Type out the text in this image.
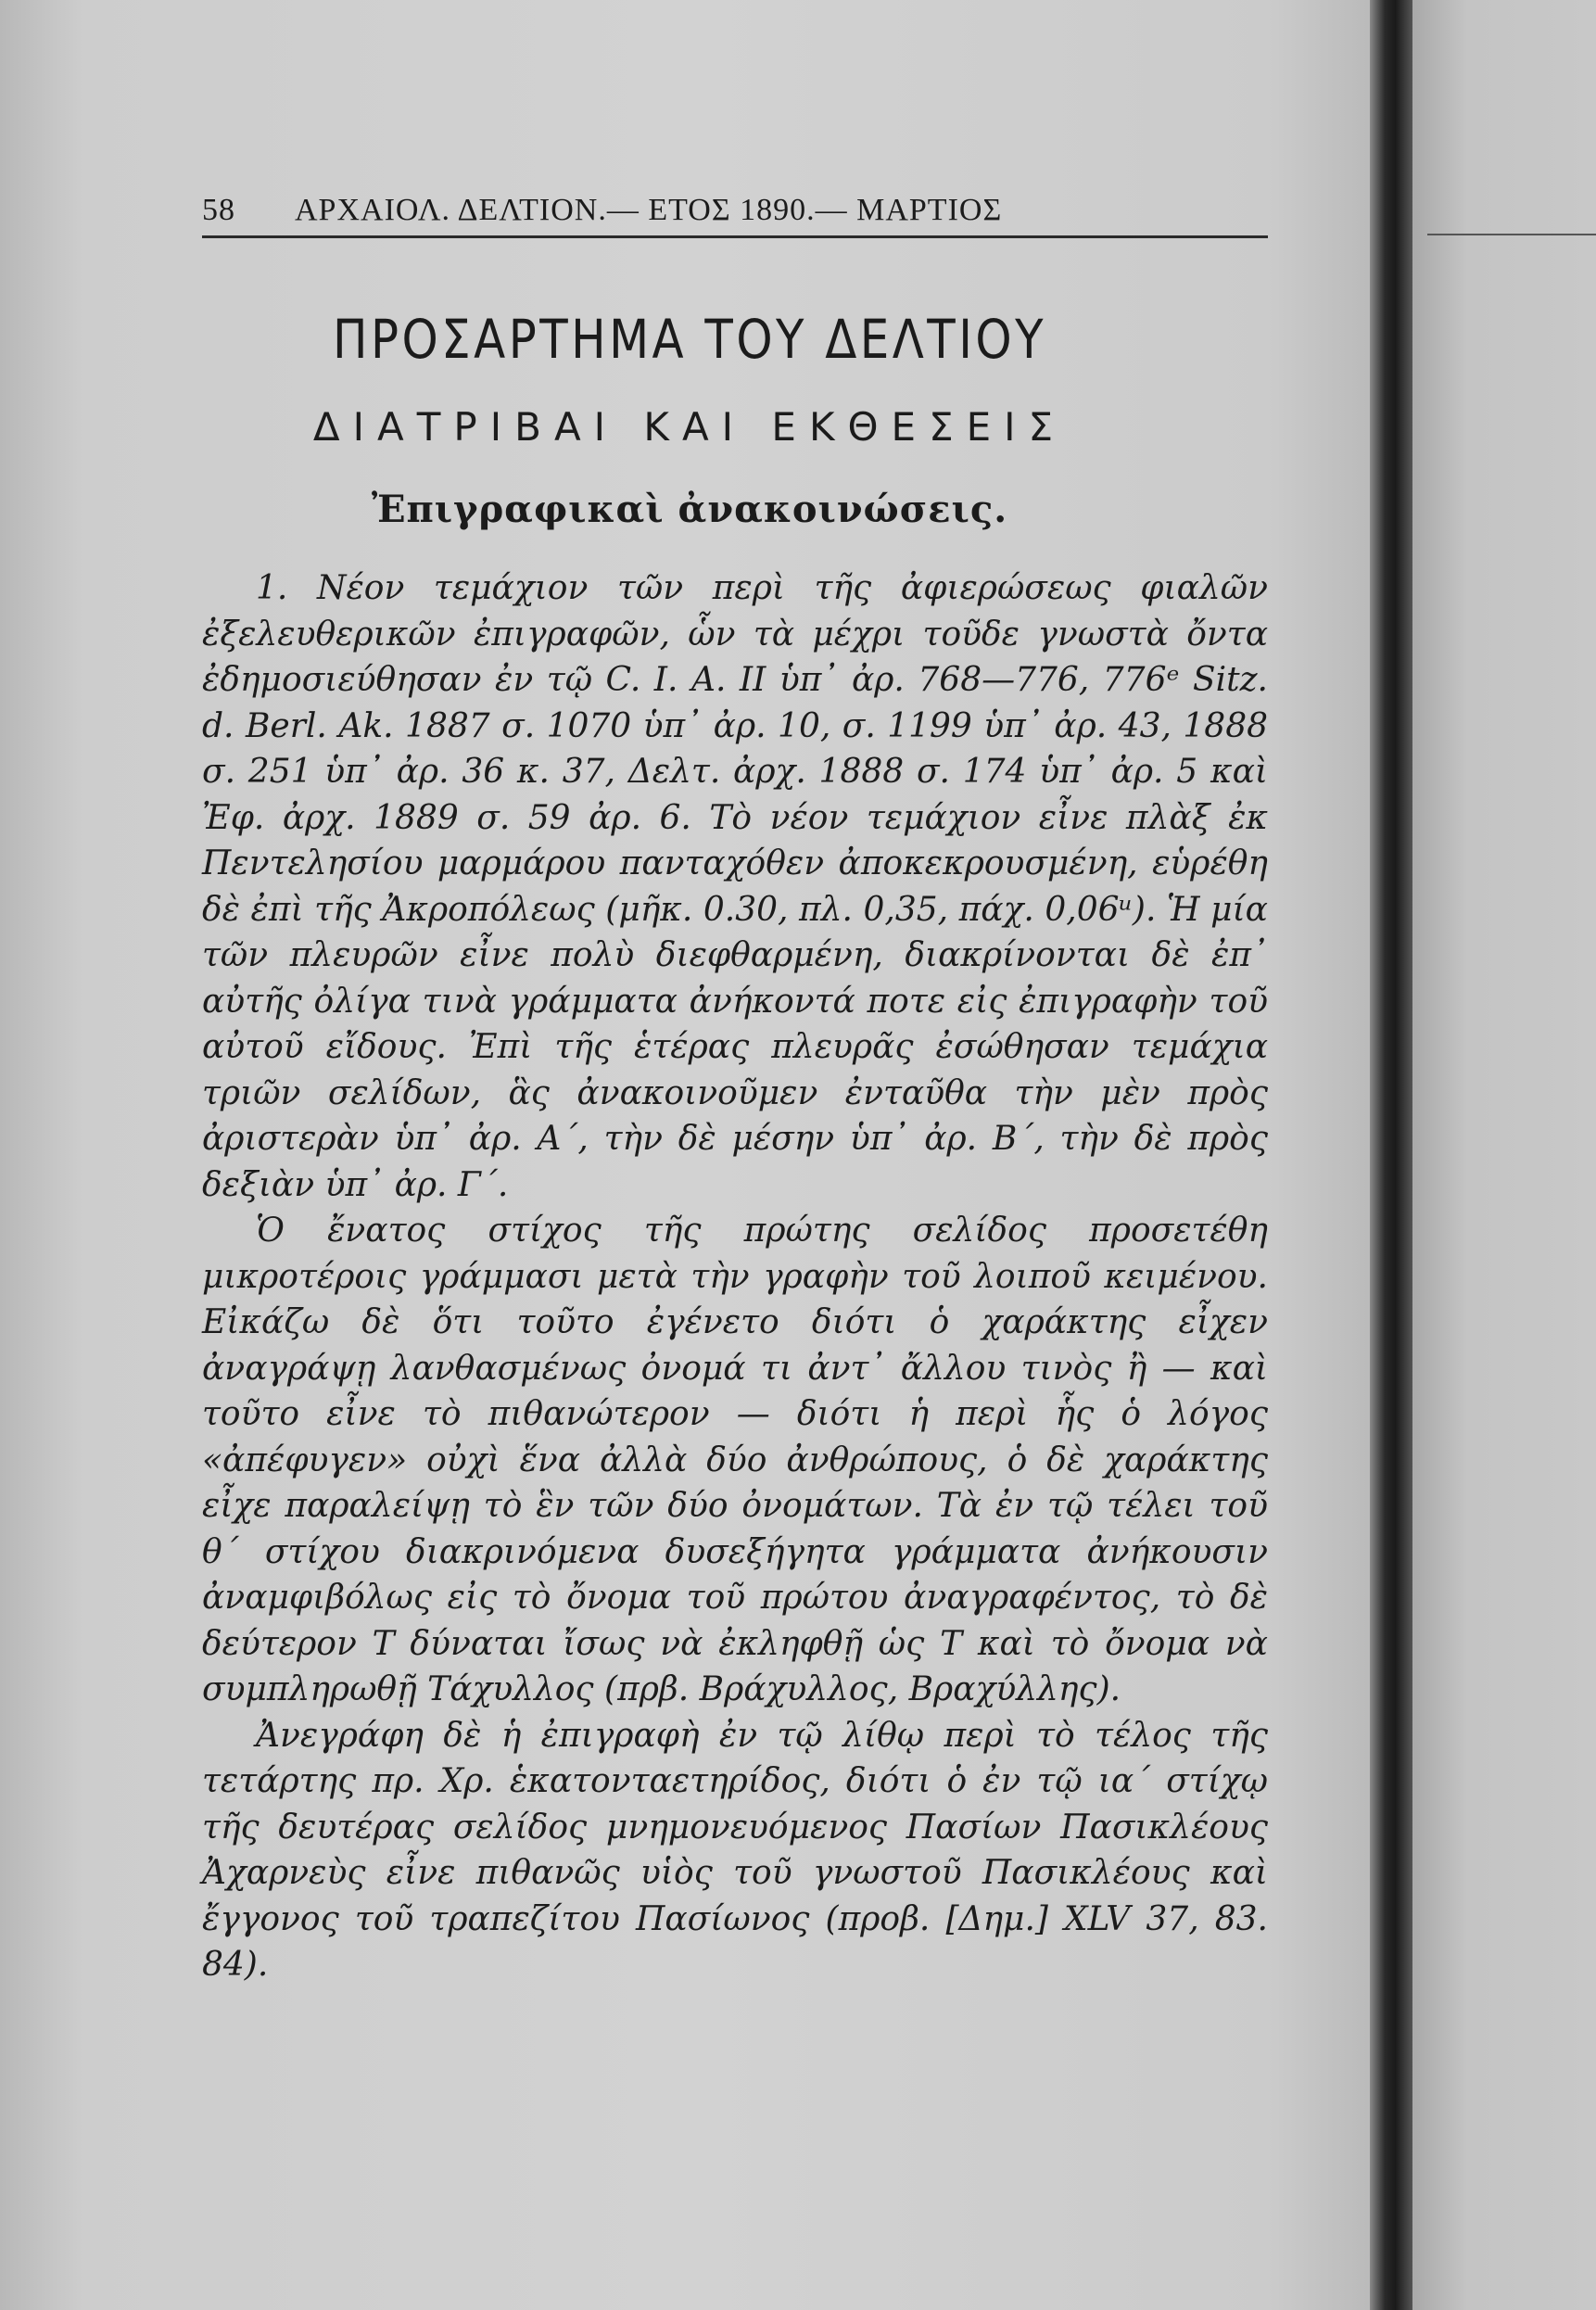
58 ΑΡΧΑΙΟΛ. ΔΕΛΤΙΟΝ.— ΕΤΟΣ 1890.— ΜΑΡΤΙΟΣ
ΠΡΟΣΑΡΤΗΜΑ ΤΟΥ ΔΕΛΤΙΟΥ
ΔΙΑΤΡΙΒΑΙ ΚΑΙ ΕΚΘΕΣΕΙΣ
Ἐπιγραφικαὶ ἀνακοινώσεις.

1. Νέον τεμάχιον τῶν περὶ τῆς ἀφιερώσεως φιαλῶν ἐξελευθερικῶν ἐπιγραφῶν, ὧν τὰ μέχρι τοῦδε γνωστὰ ὄντα ἐδημοσιεύθησαν ἐν τῷ C. I. A. II ὑπ᾽ ἀρ. 768—776, 776ᵉ Sitz. d. Berl. Ak. 1887 σ. 1070 ὑπ᾽ ἀρ. 10, σ. 1199 ὑπ᾽ ἀρ. 43, 1888 σ. 251 ὑπ᾽ ἀρ. 36 κ. 37, Δελτ. ἀρχ. 1888 σ. 174 ὑπ᾽ ἀρ. 5 καὶ Ἐφ. ἀρχ. 1889 σ. 59 ἀρ. 6. Τὸ νέον τεμάχιον εἶνε πλὰξ ἐκ Πεντελησίου μαρμάρου πανταχόθεν ἀποκεκρουσμένη, εὑρέθη δὲ ἐπὶ τῆς Ἀκροπόλεως (μῆκ. 0.30, πλ. 0,35, πάχ. 0,06ᵘ). Ἡ μία τῶν πλευρῶν εἶνε πολὺ διεφθαρμένη, διακρίνονται δὲ ἐπ᾽ αὐτῆς ὀλίγα τινὰ γράμματα ἀνήκοντά ποτε εἰς ἐπιγραφὴν τοῦ αὐτοῦ εἴδους. Ἐπὶ τῆς ἑτέρας πλευρᾶς ἐσώθησαν τεμάχια τριῶν σελίδων, ἃς ἀνακοινοῦμεν ἐνταῦθα τὴν μὲν πρὸς ἀριστερὰν ὑπ᾽ ἀρ. Α΄, τὴν δὲ μέσην ὑπ᾽ ἀρ. Β΄, τὴν δὲ πρὸς δεξιὰν ὑπ᾽ ἀρ. Γ΄.

Ὁ ἔνατος στίχος τῆς πρώτης σελίδος προσετέθη μικροτέροις γράμμασι μετὰ τὴν γραφὴν τοῦ λοιποῦ κειμένου. Εἰκάζω δὲ ὅτι τοῦτο ἐγένετο διότι ὁ χαράκτης εἶχεν ἀναγράψῃ λανθασμένως ὀνομά τι ἀντ᾽ ἄλλου τινὸς ἢ — καὶ τοῦτο εἶνε τὸ πιθανώτερον — διότι ἡ περὶ ἧς ὁ λόγος «ἀπέφυγεν» οὐχὶ ἕνα ἀλλὰ δύο ἀνθρώπους, ὁ δὲ χαράκτης εἶχε παραλείψῃ τὸ ἓν τῶν δύο ὀνομάτων. Τὰ ἐν τῷ τέλει τοῦ θ΄ στίχου διακρινόμενα δυσεξήγητα γράμματα ἀνήκουσιν ἀναμφιβόλως εἰς τὸ ὄνομα τοῦ πρώτου ἀναγραφέντος, τὸ δὲ δεύτερον Τ δύναται ἴσως νὰ ἐκληφθῇ ὡς Τ καὶ τὸ ὄνομα νὰ συμπληρωθῇ Τάχυλλος (πρβ. Βράχυλλος, Βραχύλλης).

Ἀνεγράφη δὲ ἡ ἐπιγραφὴ ἐν τῷ λίθῳ περὶ τὸ τέλος τῆς τετάρτης πρ. Χρ. ἑκατονταετηρίδος, διότι ὁ ἐν τῷ ια΄ στίχῳ τῆς δευτέρας σελίδος μνημονευόμενος Πασίων Πασικλέους Ἀχαρνεὺς εἶνε πιθανῶς υἱὸς τοῦ γνωστοῦ Πασικλέους καὶ ἔγγονος τοῦ τραπεζίτου Πασίωνος (προβ. [Δημ.] XLV 37, 83. 84).
